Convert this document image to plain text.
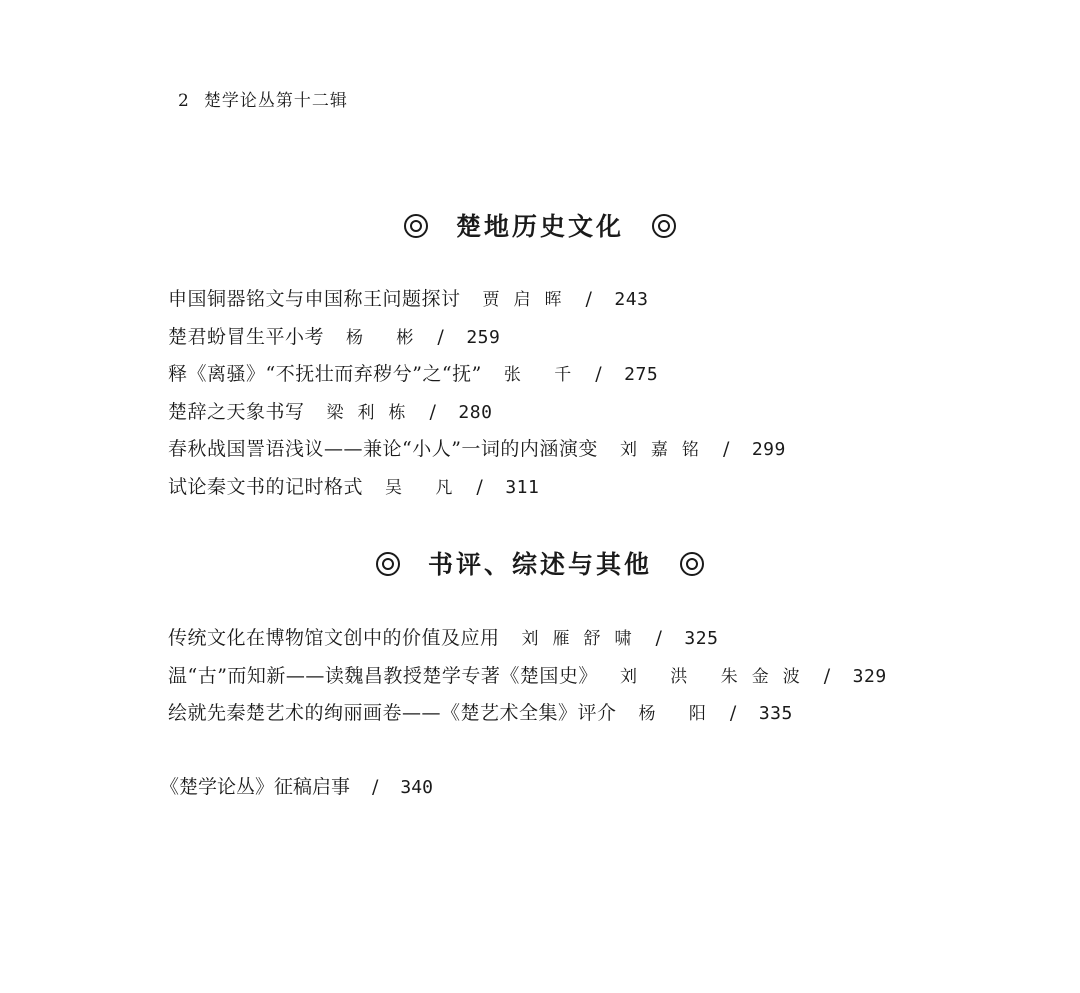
2 楚学论丛第十二辑
楚地历史文化
申国铜器铭文与申国称王问题探讨 贾启晖 / 243
楚君蚡冒生平小考 杨 彬 / 259
释《离骚》“不抚壮而弃秽兮”之“抚” 张 千 / 275
楚辞之天象书写 梁利栋 / 280
春秋战国詈语浅议——兼论“小人”一词的内涵演变 刘嘉铭 / 299
试论秦文书的记时格式 吴 凡 / 311
书评、综述与其他
传统文化在博物馆文创中的价值及应用 刘雁舒啸 / 325
温“古”而知新——读魏昌教授楚学专著《楚国史》 刘 洪 朱金波 / 329
绘就先秦楚艺术的绚丽画卷——《楚艺术全集》评介 杨 阳 / 335
《楚学论丛》征稿启事 / 340
